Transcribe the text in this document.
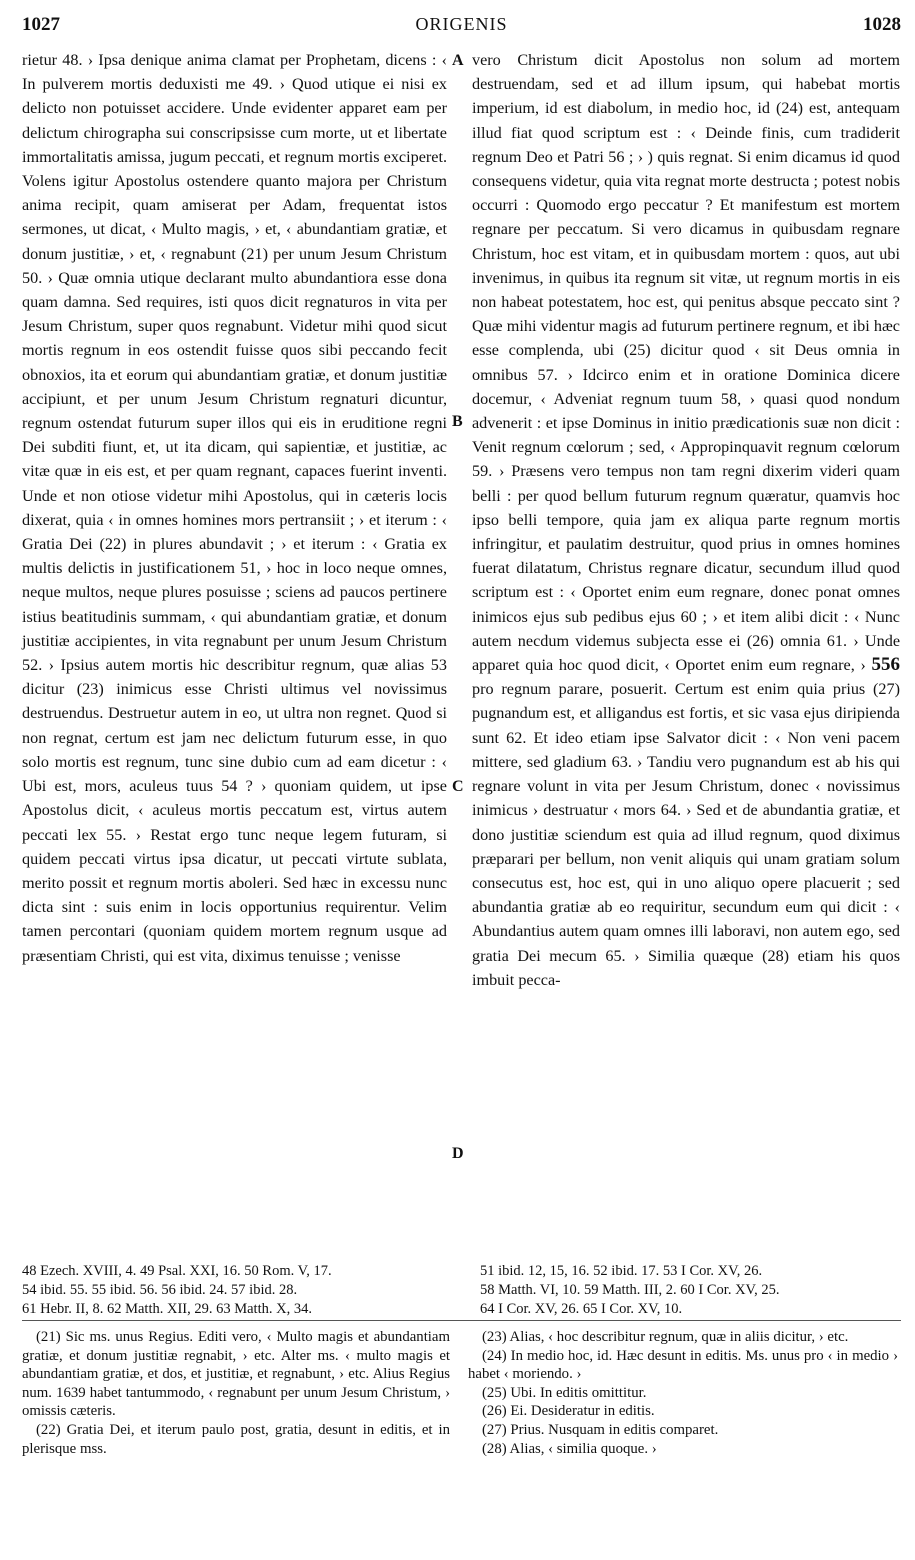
1027	ORIGENIS	1028

rietur 48. › Ipsa denique anima clamat per Prophetam, dicens : ‹ In pulverem mortis deduxisti me 49. › Quod utique ei nisi ex delicto non potuisset accidere. Unde evidenter apparet eam per delictum chirographa sui conscripsisse cum morte, ut et libertate immortalitatis amissa, jugum peccati, et regnum mortis exciperet. Volens igitur Apostolus ostendere quanto majora per Christum anima recipit, quam amiserat per Adam, frequentat istos sermones, ut dicat, ‹ Multo magis, › et, ‹ abundantiam gratiæ, et donum justitiæ, › et, ‹ regnabunt (21) per unum Jesum Christum 50. › Quæ omnia utique declarant multo abundantiora esse dona quam damna. Sed requires, isti quos dicit regnaturos in vita per Jesum Christum, super quos regnabunt. Videtur mihi quod sicut mortis regnum in eos ostendit fuisse quos sibi peccando fecit obnoxios, ita et eorum qui abundantiam gratiæ, et donum justitiæ accipiunt, et per unum Jesum Christum regnaturi dicuntur, regnum ostendat futurum super illos qui eis in eruditione regni Dei subditi fiunt, et, ut ita dicam, qui sapientiæ, et justitiæ, ac vitæ quæ in eis est, et per quam regnant, capaces fuerint inventi. Unde et non otiose videtur mihi Apostolus, qui in cæteris locis dixerat, quia ‹ in omnes homines mors pertransiit ; › et iterum : ‹ Gratia Dei (22) in plures abundavit ; › et iterum : ‹ Gratia ex multis delictis in justificationem 51, › hoc in loco neque omnes, neque multos, neque plures posuisse ; sciens ad paucos pertinere istius beatitudinis summam, ‹ qui abundantiam gratiæ, et donum justitiæ accipientes, in vita regnabunt per unum Jesum Christum 52. › Ipsius autem mortis hic describitur regnum, quæ alias 53 dicitur (23) inimicus esse Christi ultimus vel novissimus destruendus. Destruetur autem in eo, ut ultra non regnet. Quod si non regnat, certum est jam nec delictum futurum esse, in quo solo mortis est regnum, tunc sine dubio cum ad eam dicetur : ‹ Ubi est, mors, aculeus tuus 54 ? › quoniam quidem, ut ipse Apostolus dicit, ‹ aculeus mortis peccatum est, virtus autem peccati lex 55. › Restat ergo tunc neque legem futuram, si quidem peccati virtus ipsa dicatur, ut peccati virtute sublata, merito possit et regnum mortis aboleri. Sed hæc in excessu nunc dicta sint : suis enim in locis opportunius requirentur. Velim tamen percontari (quoniam quidem mortem regnum usque ad præsentiam Christi, qui est vita, diximus tenuisse ; venisse

A
B
C
D

vero Christum dicit Apostolus non solum ad mortem destruendam, sed et ad illum ipsum, qui habebat mortis imperium, id est diabolum, in medio hoc, id (24) est, antequam illud fiat quod scriptum est : ‹ Deinde finis, cum tradiderit regnum Deo et Patri 56 ; › ) quis regnat. Si enim dicamus id quod consequens videtur, quia vita regnat morte destructa ; potest nobis occurri : Quomodo ergo peccatur ? Et manifestum est mortem regnare per peccatum. Si vero dicamus in quibusdam regnare Christum, hoc est vitam, et in quibusdam mortem : quos, aut ubi invenimus, in quibus ita regnum sit vitæ, ut regnum mortis in eis non habeat potestatem, hoc est, qui penitus absque peccato sint ? Quæ mihi videntur magis ad futurum pertinere regnum, et ibi hæc esse complenda, ubi (25) dicitur quod ‹ sit Deus omnia in omnibus 57. › Idcirco enim et in oratione Dominica dicere docemur, ‹ Adveniat regnum tuum 58, › quasi quod nondum advenerit : et ipse Dominus in initio prædicationis suæ non dicit : Venit regnum cœlorum ; sed, ‹ Appropinquavit regnum cœlorum 59. › Præsens vero tempus non tam regni dixerim videri quam belli : per quod bellum futurum regnum quæratur, quamvis hoc ipso belli tempore, quia jam ex aliqua parte regnum mortis infringitur, et paulatim destruitur, quod prius in omnes homines fuerat dilatatum, Christus regnare dicatur, secundum illud quod scriptum est : ‹ Oportet enim eum regnare, donec ponat omnes inimicos ejus sub pedibus ejus 60 ; › et item alibi dicit : ‹ Nunc autem necdum videmus subjecta esse ei (26) omnia 61. › Unde apparet quia hoc quod dicit, ‹ Oportet enim eum regnare, › 556 pro regnum parare, posuerit. Certum est enim quia prius (27) pugnandum est, et alligandus est fortis, et sic vasa ejus diripienda sunt 62. Et ideo etiam ipse Salvator dicit : ‹ Non veni pacem mittere, sed gladium 63. › Tandiu vero pugnandum est ab his qui regnare volunt in vita per Jesum Christum, donec ‹ novissimus inimicus › destruatur ‹ mors 64. › Sed et de abundantia gratiæ, et dono justitiæ sciendum est quia ad illud regnum, quod diximus præparari per bellum, non venit aliquis qui unam gratiam solum consecutus est, hoc est, qui in uno aliquo opere placuerit ; sed abundantia gratiæ ab eo requiritur, secundum eum qui dicit : ‹ Abundantius autem quam omnes illi laboravi, non autem ego, sed gratia Dei mecum 65. › Similia quæque (28) etiam his quos imbuit pecca-

48 Ezech. XVIII, 4. 49 Psal. XXI, 16. 50 Rom. V, 17.
54 ibid. 55. 55 ibid. 56. 56 ibid. 24. 57 ibid. 28.
61 Hebr. II, 8. 62 Matth. XII, 29. 63 Matth. X, 34.
51 ibid. 12, 15, 16. 52 ibid. 17. 53 I Cor. XV, 26.
58 Matth. VI, 10. 59 Matth. III, 2. 60 I Cor. XV, 25.
64 I Cor. XV, 26. 65 I Cor. XV, 10.

(21) Sic ms. unus Regius. Editi vero, ‹ Multo magis et abundantiam gratiæ, et donum justitiæ regnabit, › etc. Alter ms. ‹ multo magis et abundantiam gratiæ, et dos, et justitiæ, et regnabunt, › etc. Alius Regius num. 1639 habet tantummodo, ‹ regnabunt per unum Jesum Christum, › omissis cæteris.

(22) Gratia Dei, et iterum paulo post, gratia, desunt in editis, et in plerisque mss.

(23) Alias, ‹ hoc describitur regnum, quæ in aliis dicitur, › etc.

(24) In medio hoc, id. Hæc desunt in editis. Ms. unus pro ‹ in medio › habet ‹ moriendo. ›

(25) Ubi. In editis omittitur.

(26) Ei. Desideratur in editis.

(27) Prius. Nusquam in editis comparet.

(28) Alias, ‹ similia quoque. ›
